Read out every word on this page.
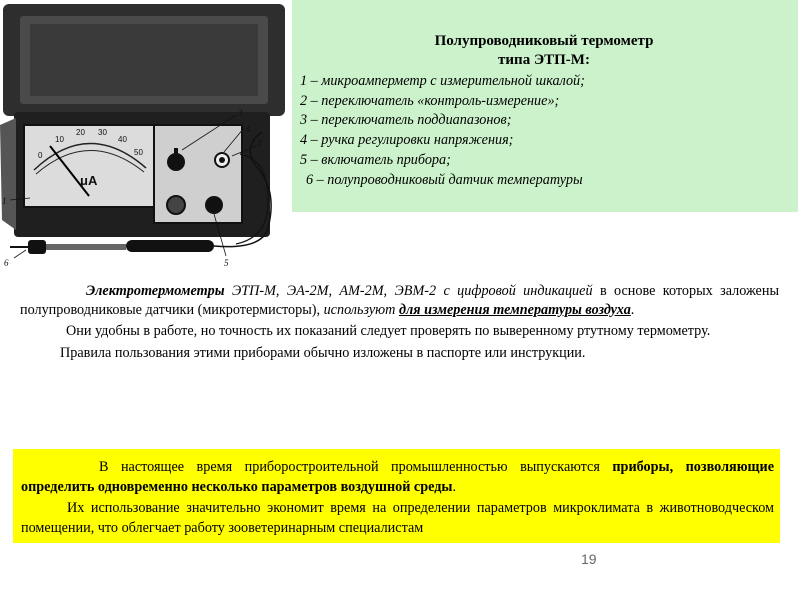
0
10
20 30
40
50
μA
1
2
3
4
5
6
Полупроводниковый термометр
типа ЭТП-М:
1 – микроамперметр с измерительной шкалой;
2 – переключатель «контроль-измерение»;
3 – переключатель поддиапазонов;
4 – ручка регулировки напряжения;
5 – включатель прибора;
6 – полупроводниковый датчик температуры

Электротермометры ЭТП-М, ЭА-2М, АМ-2М, ЭВМ-2 с цифровой индикацией в основе которых заложены полупроводниковые датчики (микротермисторы), используют для измерения температуры воздуха.

Они удобны в работе, но точность их показаний следует проверять по выверенному ртутному термометру.

Правила пользования этими приборами обычно изложены в паспорте или инструкции.

В настоящее время приборостроительной промышленностью выпускаются приборы, позволяющие определить одновременно несколько параметров воздушной среды.

Их использование значительно экономит время на определении параметров микроклимата в животноводческом помещении, что облегчает работу зооветеринарным специалистам

19
